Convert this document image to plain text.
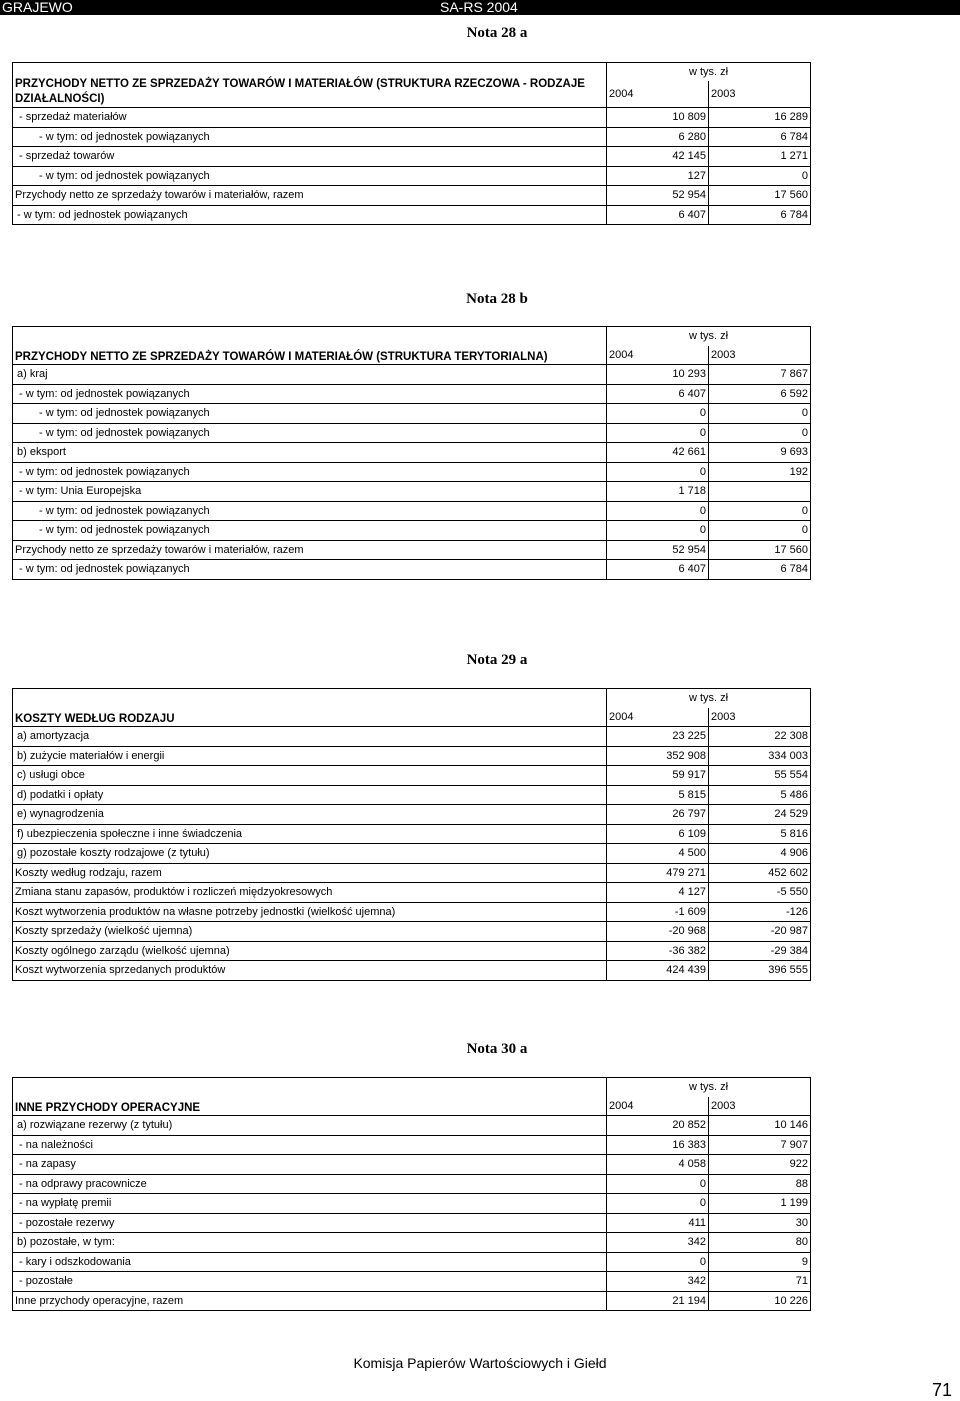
GRAJEWO	SA-RS 2004
Nota 28 a
PRZYCHODY NETTO ZE SPRZEDAŻY TOWARÓW I MATERIAŁÓW (STRUKTURA RZECZOWA - RODZAJE DZIAŁALNOŚCI)	w tys. zł	
	2004	2003
- sprzedaż materiałów	10 809	16 289
- w tym: od jednostek powiązanych	6 280	6 784
- sprzedaż towarów	42 145	1 271
- w tym: od jednostek powiązanych	127	0
Przychody netto ze sprzedaży towarów i materiałów, razem	52 954	17 560
- w tym: od jednostek powiązanych	6 407	6 784
Nota 28 b
PRZYCHODY NETTO ZE SPRZEDAŻY TOWARÓW I MATERIAŁÓW (STRUKTURA TERYTORIALNA)	w tys. zł	
	2004	2003
a) kraj	10 293	7 867
- w tym: od jednostek powiązanych	6 407	6 592
- w tym: od jednostek powiązanych	0	0
- w tym: od jednostek powiązanych	0	0
b) eksport	42 661	9 693
- w tym: od jednostek powiązanych	0	192
- w tym: Unia Europejska	1 718	
- w tym: od jednostek powiązanych	0	0
- w tym: od jednostek powiązanych	0	0
Przychody netto ze sprzedaży towarów i materiałów, razem	52 954	17 560
- w tym: od jednostek powiązanych	6 407	6 784
Nota 29 a
KOSZTY WEDŁUG RODZAJU	w tys. zł	
	2004	2003
a) amortyzacja	23 225	22 308
b) zużycie materiałów i energii	352 908	334 003
c) usługi obce	59 917	55 554
d) podatki i opłaty	5 815	5 486
e) wynagrodzenia	26 797	24 529
f) ubezpieczenia społeczne i inne świadczenia	6 109	5 816
g) pozostałe koszty rodzajowe (z tytułu)	4 500	4 906
Koszty według rodzaju, razem	479 271	452 602
Zmiana stanu zapasów, produktów i rozliczeń międzyokresowych	4 127	-5 550
Koszt wytworzenia produktów na własne potrzeby jednostki (wielkość ujemna)	-1 609	-126
Koszty sprzedaży (wielkość ujemna)	-20 968	-20 987
Koszty ogólnego zarządu (wielkość ujemna)	-36 382	-29 384
Koszt wytworzenia sprzedanych produktów	424 439	396 555
Nota 30 a
INNE PRZYCHODY OPERACYJNE	w tys. zł	
	2004	2003
a) rozwiązane rezerwy (z tytułu)	20 852	10 146
- na należności	16 383	7 907
- na zapasy	4 058	922
- na odprawy pracownicze	0	88
- na wypłatę premii	0	1 199
- pozostałe rezerwy	411	30
b) pozostałe, w tym:	342	80
- kary i odszkodowania	0	9
- pozostałe	342	71
Inne przychody operacyjne, razem	21 194	10 226
Komisja Papierów Wartościowych i Giełd
71
